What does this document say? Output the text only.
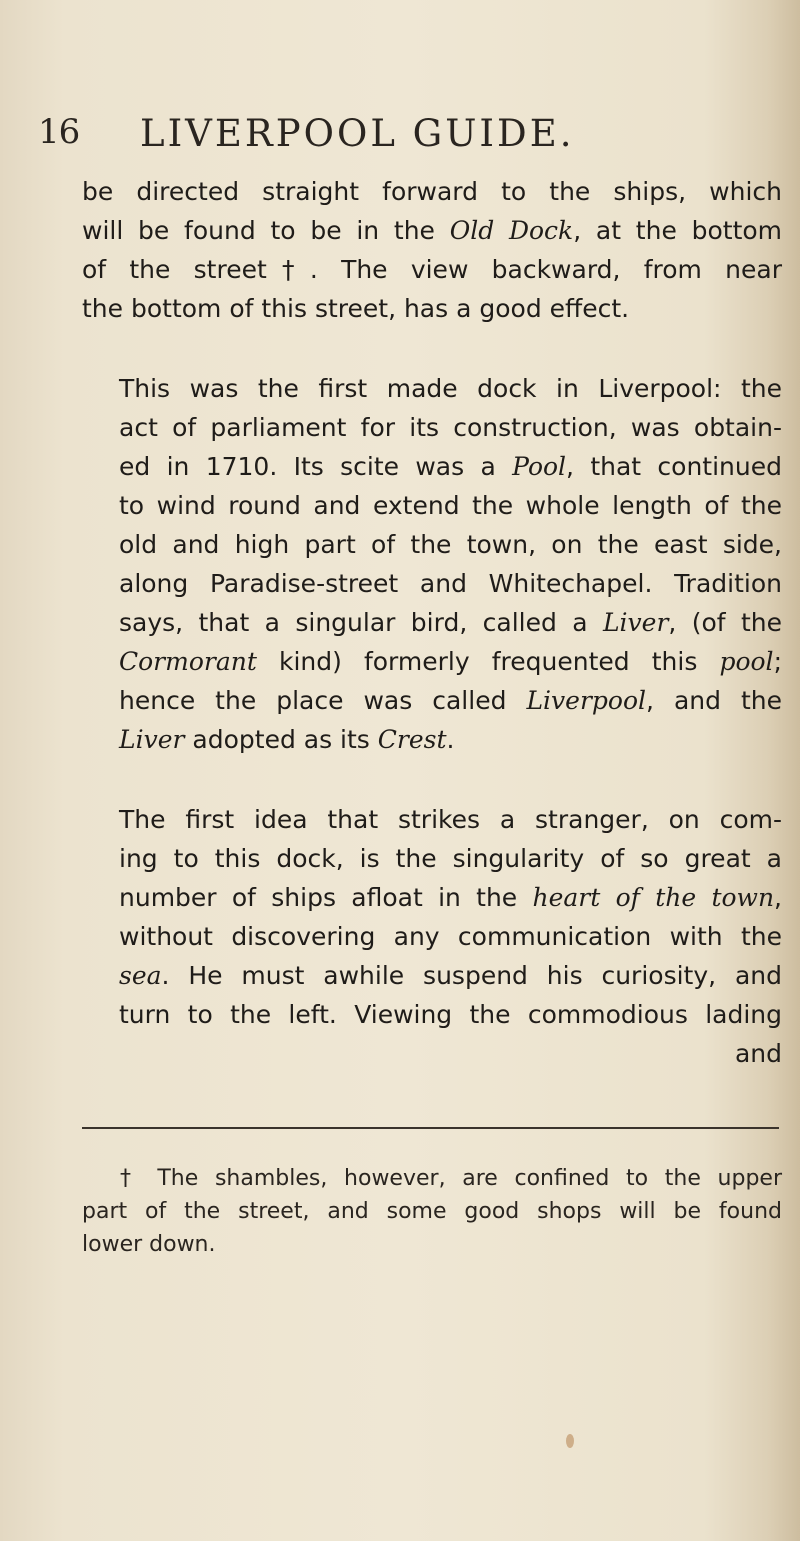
16 LIVERPOOL GUIDE.

be directed straight forward to the ships, which
will be found to be in the Old Dock, at the bottom
of the street†. The view backward, from near
the bottom of this street, has a good effect.

This was the first made dock in Liverpool: the
act of parliament for its construction, was obtain-
ed in 1710. Its scite was a Pool, that continued
to wind round and extend the whole length of the
old and high part of the town, on the east side,
along Paradise-street and Whitechapel. Tradition
says, that a singular bird, called a Liver, (of the
Cormorant kind) formerly frequented this pool;
hence the place was called Liverpool, and the
Liver adopted as its Crest.

The first idea that strikes a stranger, on com-
ing to this dock, is the singularity of so great a
number of ships afloat in the heart of the town,
without discovering any communication with the
sea. He must awhile suspend his curiosity, and
turn to the left. Viewing the commodious lading
and

† The shambles, however, are confined to the upper
part of the street, and some good shops will be found
lower down.
